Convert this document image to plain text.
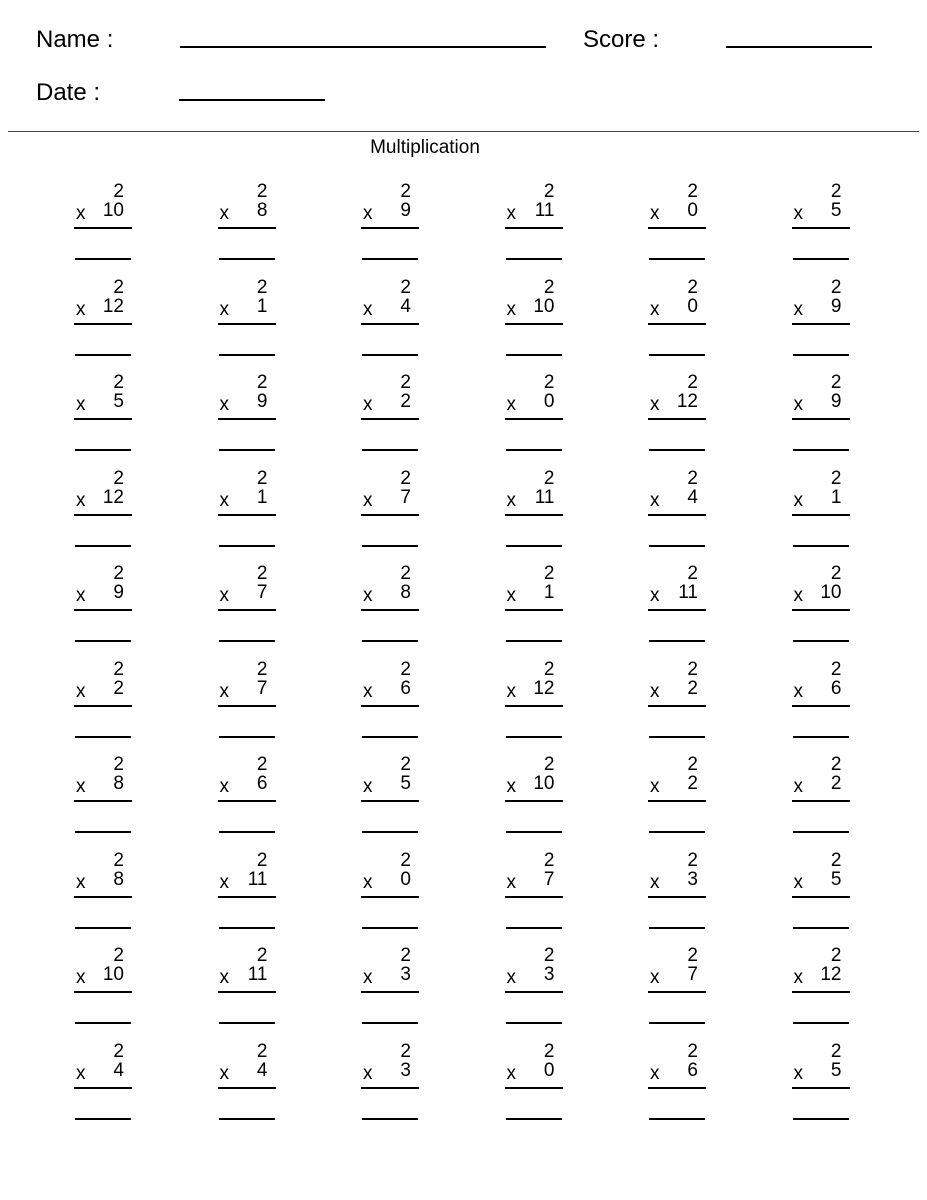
Name :	Score :
Date :
Multiplication
2
x 10
2
x 8
2
x 9
2
x 11
2
x 0
2
x 5
2
x 12
2
x 1
2
x 4
2
x 10
2
x 0
2
x 9
2
x 5
2
x 9
2
x 2
2
x 0
2
x 12
2
x 9
2
x 12
2
x 1
2
x 7
2
x 11
2
x 4
2
x 1
2
x 9
2
x 7
2
x 8
2
x 1
2
x 11
2
x 10
2
x 2
2
x 7
2
x 6
2
x 12
2
x 2
2
x 6
2
x 8
2
x 6
2
x 5
2
x 10
2
x 2
2
x 2
2
x 8
2
x 11
2
x 0
2
x 7
2
x 3
2
x 5
2
x 10
2
x 11
2
x 3
2
x 3
2
x 7
2
x 12
2
x 4
2
x 4
2
x 3
2
x 0
2
x 6
2
x 5
